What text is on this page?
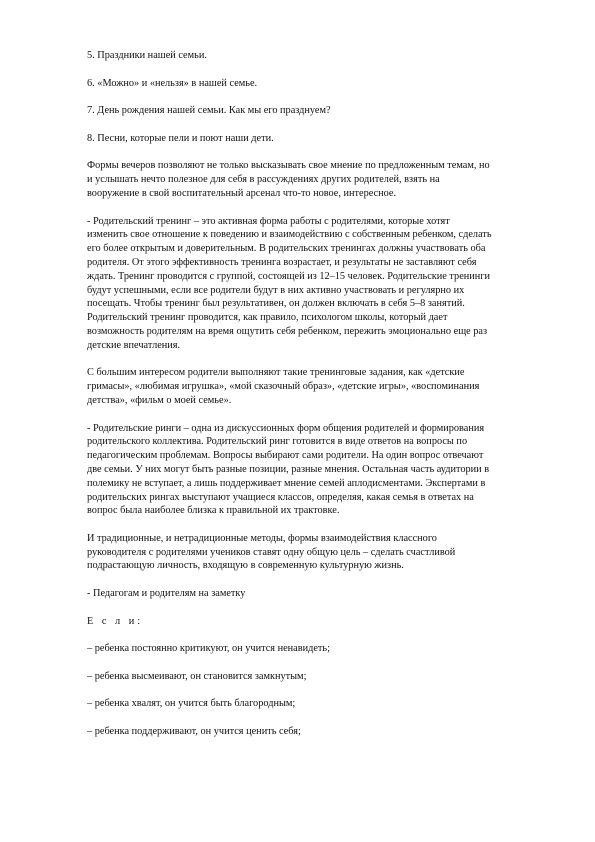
5. Праздники нашей семьи.

6. «Можно» и «нельзя» в нашей семье.

7. День рождения нашей семьи. Как мы его празднуем?

8. Песни, которые пели и поют наши дети.

Формы вечеров позволяют не только высказывать свое мнение по предложенным темам, но
и услышать нечто полезное для себя в рассуждениях других родителей, взять на
вооружение в свой воспитательный арсенал что-то новое, интересное.

- Родительский тренинг – это активная форма работы с родителями, которые хотят
изменить свое отношение к поведению и взаимодействию с собственным ребенком, сделать
его более открытым и доверительным. В родительских тренингах должны участвовать оба
родителя. От этого эффективность тренинга возрастает, и результаты не заставляют себя
ждать. Тренинг проводится с группой, состоящей из 12–15 человек. Родительские тренинги
будут успешными, если все родители будут в них активно участвовать и регулярно их
посещать. Чтобы тренинг был результативен, он должен включать в себя 5–8 занятий.
Родительский тренинг проводится, как правило, психологом школы, который дает
возможность родителям на время ощутить себя ребенком, пережить эмоционально еще раз
детские впечатления.

С большим интересом родители выполняют такие тренинговые задания, как «детские
гримасы», «любимая игрушка», «мой сказочный образ», «детские игры», «воспоминания
детства», «фильм о моей семье».

- Родительские ринги – одна из дискуссионных форм общения родителей и формирования
родительского коллектива. Родительский ринг готовится в виде ответов на вопросы по
педагогическим проблемам. Вопросы выбирают сами родители. На один вопрос отвечают
две семьи. У них могут быть разные позиции, разные мнения. Остальная часть аудитории в
полемику не вступает, а лишь поддерживает мнение семей аплодисментами. Экспертами в
родительских рингах выступают учащиеся классов, определяя, какая семья в ответах на
вопрос была наиболее близка к правильной их трактовке.

И традиционные, и нетрадиционные методы, формы взаимодействия классного
руководителя с родителями учеников ставят одну общую цель – сделать счастливой
подрастающую личность, входящую в современную культурную жизнь.

- Педагогам и родителям на заметку

Е с л и:

– ребенка постоянно критикуют, он учится ненавидеть;

– ребенка высмеивают, он становится замкнутым;

– ребенка хвалят, он учится быть благородным;

– ребенка поддерживают, он учится ценить себя;
